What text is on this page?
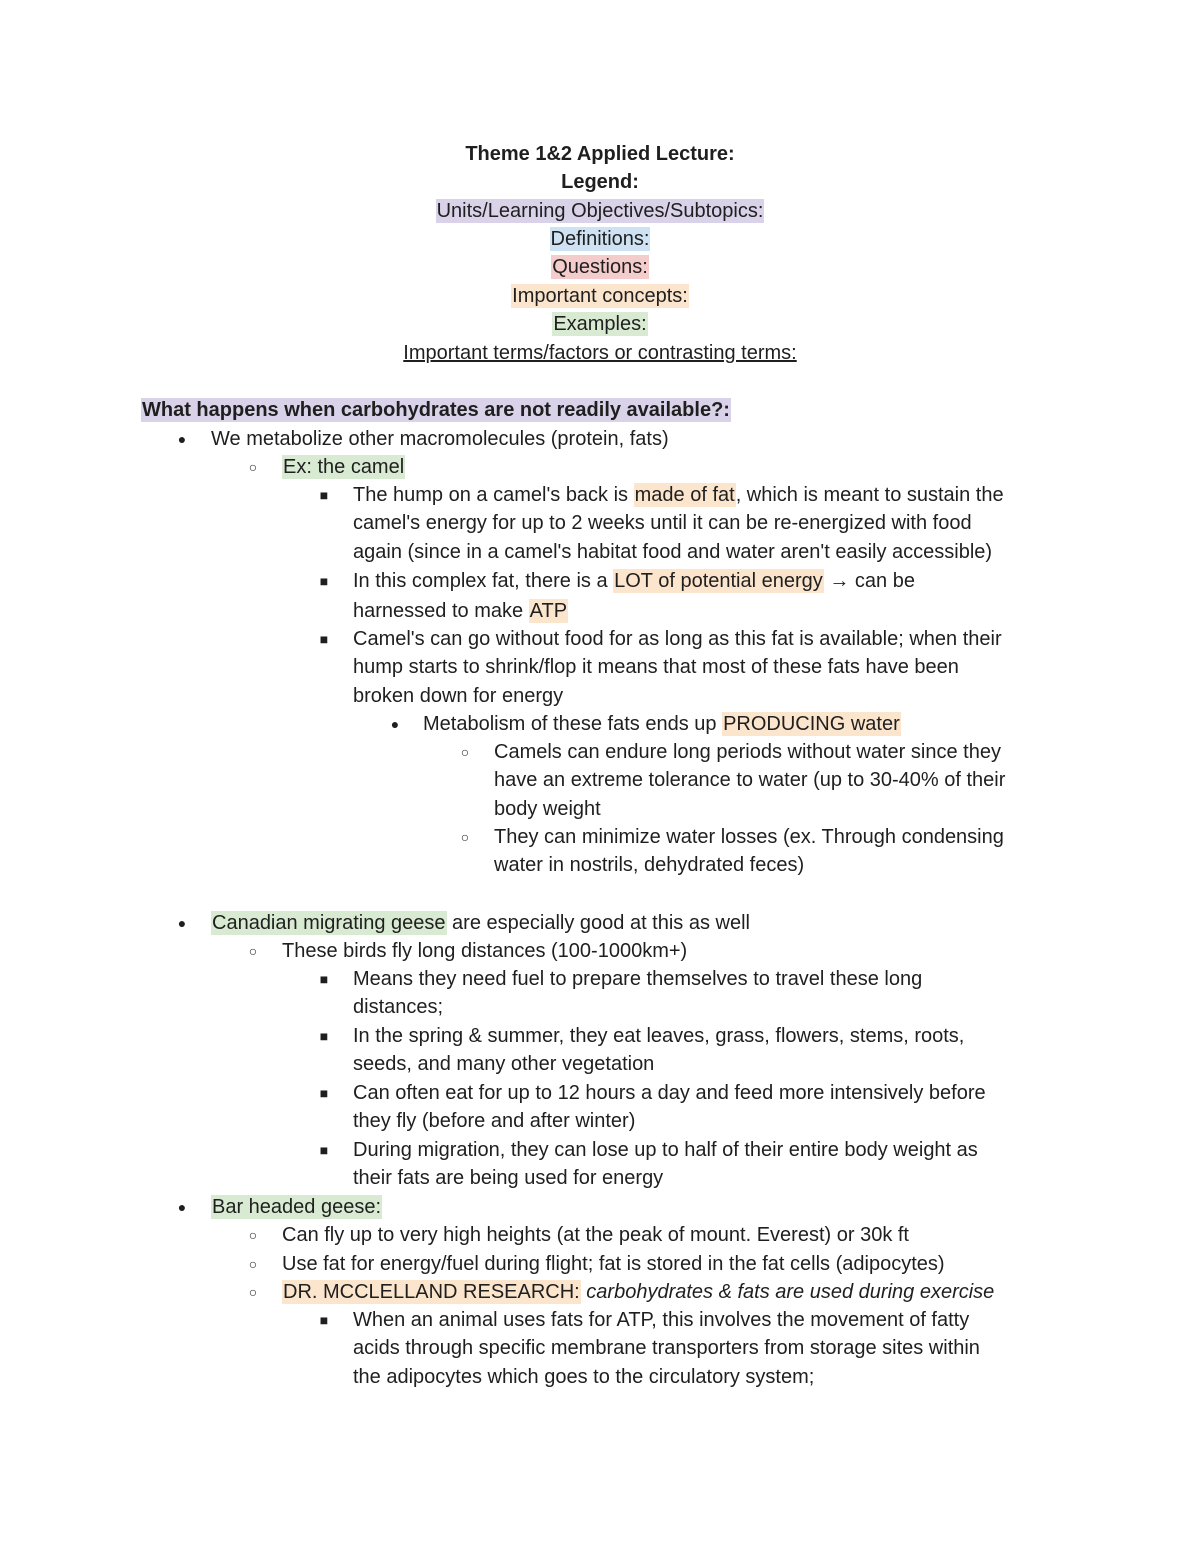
Theme 1&2 Applied Lecture:
Legend:
Units/Learning Objectives/Subtopics:
Definitions:
Questions:
Important concepts:
Examples:
Important terms/factors or contrasting terms:
What happens when carbohydrates are not readily available?:
● We metabolize other macromolecules (protein, fats)
○ Ex: the camel
■ The hump on a camel's back is made of fat, which is meant to sustain the
camel's energy for up to 2 weeks until it can be re-energized with food
again (since in a camel's habitat food and water aren't easily accessible)
■ In this complex fat, there is a LOT of potential energy → can be
harnessed to make ATP
■ Camel's can go without food for as long as this fat is available; when their
hump starts to shrink/flop it means that most of these fats have been
broken down for energy
● Metabolism of these fats ends up PRODUCING water
○ Camels can endure long periods without water since they
have an extreme tolerance to water (up to 30-40% of their
body weight
○ They can minimize water losses (ex. Through condensing
water in nostrils, dehydrated feces)
● Canadian migrating geese are especially good at this as well
○ These birds fly long distances (100-1000km+)
■ Means they need fuel to prepare themselves to travel these long
distances;
■ In the spring & summer, they eat leaves, grass, flowers, stems, roots,
seeds, and many other vegetation
■ Can often eat for up to 12 hours a day and feed more intensively before
they fly (before and after winter)
■ During migration, they can lose up to half of their entire body weight as
their fats are being used for energy
● Bar headed geese:
○ Can fly up to very high heights (at the peak of mount. Everest) or 30k ft
○ Use fat for energy/fuel during flight; fat is stored in the fat cells (adipocytes)
○ DR. MCCLELLAND RESEARCH: carbohydrates & fats are used during exercise
■ When an animal uses fats for ATP, this involves the movement of fatty
acids through specific membrane transporters from storage sites within
the adipocytes which goes to the circulatory system;
